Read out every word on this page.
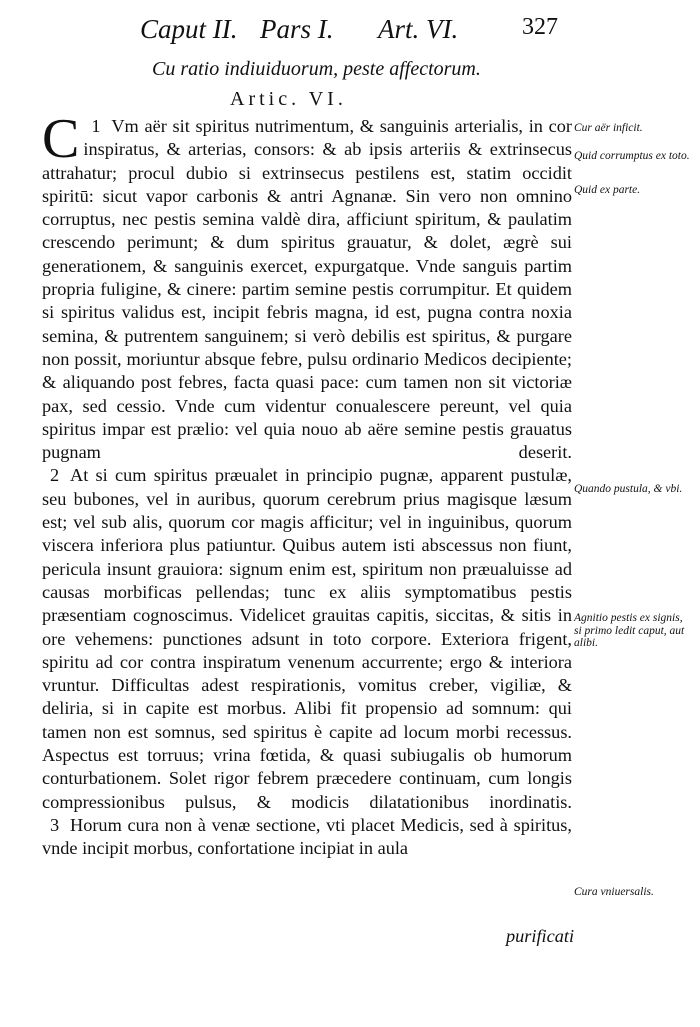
Caput II. Pars I. Art. VI.	327
Cu ratio indiuiduorum, peste affectorum.
Artic. VI.

1
C Vm aër sit spiritus nutrimentum, & sanguinis arterialis, in cor inspiratus, & arterias, consors: & ab ipsis arteriis & extrinsecus attrahatur; procul dubio si extrinsecus pestilens est, statim occidit spiritū: sicut vapor carbonis & antri Agnanæ. Sin vero non omnino corruptus, nec pestis semina valdè dira, afficiunt spiritum, & paulatim crescendo perimunt; & dum spiritus grauatur, & dolet, ægrè sui generationem, & sanguinis exercet, expurgatque. Vnde sanguis partim propria fuligine, & cinere: partim semine pestis corrumpitur. Et quidem si spiritus validus est, incipit febris magna, id est, pugna contra noxia semina, & putrentem sanguinem; si verò debilis est spiritus, & purgare non possit, moriuntur absque febre, pulsu ordinario Medicos decipiente; & aliquando post febres, facta quasi pace: cum tamen non sit victoriæ pax, sed cessio. Vnde cum videntur conualescere pereunt, vel quia spiritus impar est prælio: vel quia nouo ab aëre semine pestis grauatus pugnam deserit.

2 At si cum spiritus præualet in principio pugnæ, apparent pustulæ, seu bubones, vel in auribus, quorum cerebrum prius magisque læsum est; vel sub alis, quorum cor magis afficitur; vel in inguinibus, quorum viscera inferiora plus patiuntur. Quibus autem isti abscessus non fiunt, pericula insunt grauiora: signum enim est, spiritum non præualuisse ad causas morbificas pellendas; tunc ex aliis symptomatibus pestis præsentiam cognoscimus. Videlicet grauitas capitis, siccitas, & sitis in ore vehemens: punctiones adsunt in toto corpore. Exteriora frigent, spiritu ad cor contra inspiratum venenum accurrente; ergo & interiora vruntur. Difficultas adest respirationis, vomitus creber, vigiliæ, & deliria, si in capite est morbus. Alibi fit propensio ad somnum: qui tamen non est somnus, sed spiritus è capite ad locum morbi recessus. Aspectus est torruus; vrina fœtida, & quasi subiugalis ob humorum conturbationem. Solet rigor febrem præcedere continuam, cum longis compressionibus pulsus, & modicis dilatationibus inordinatis.

3 Horum cura non à venæ sectione, vti placet Medicis, sed à spiritus, vnde incipit morbus, confortatione incipiat in aula

purificati
Cur aër inficit.
Quid corrumptus ex toto.
Quid ex parte.
Quando pustula, & vbi.
Agnitio pestis ex signis, si primo ledit caput, aut alibi.
Cura vniuersalis.
